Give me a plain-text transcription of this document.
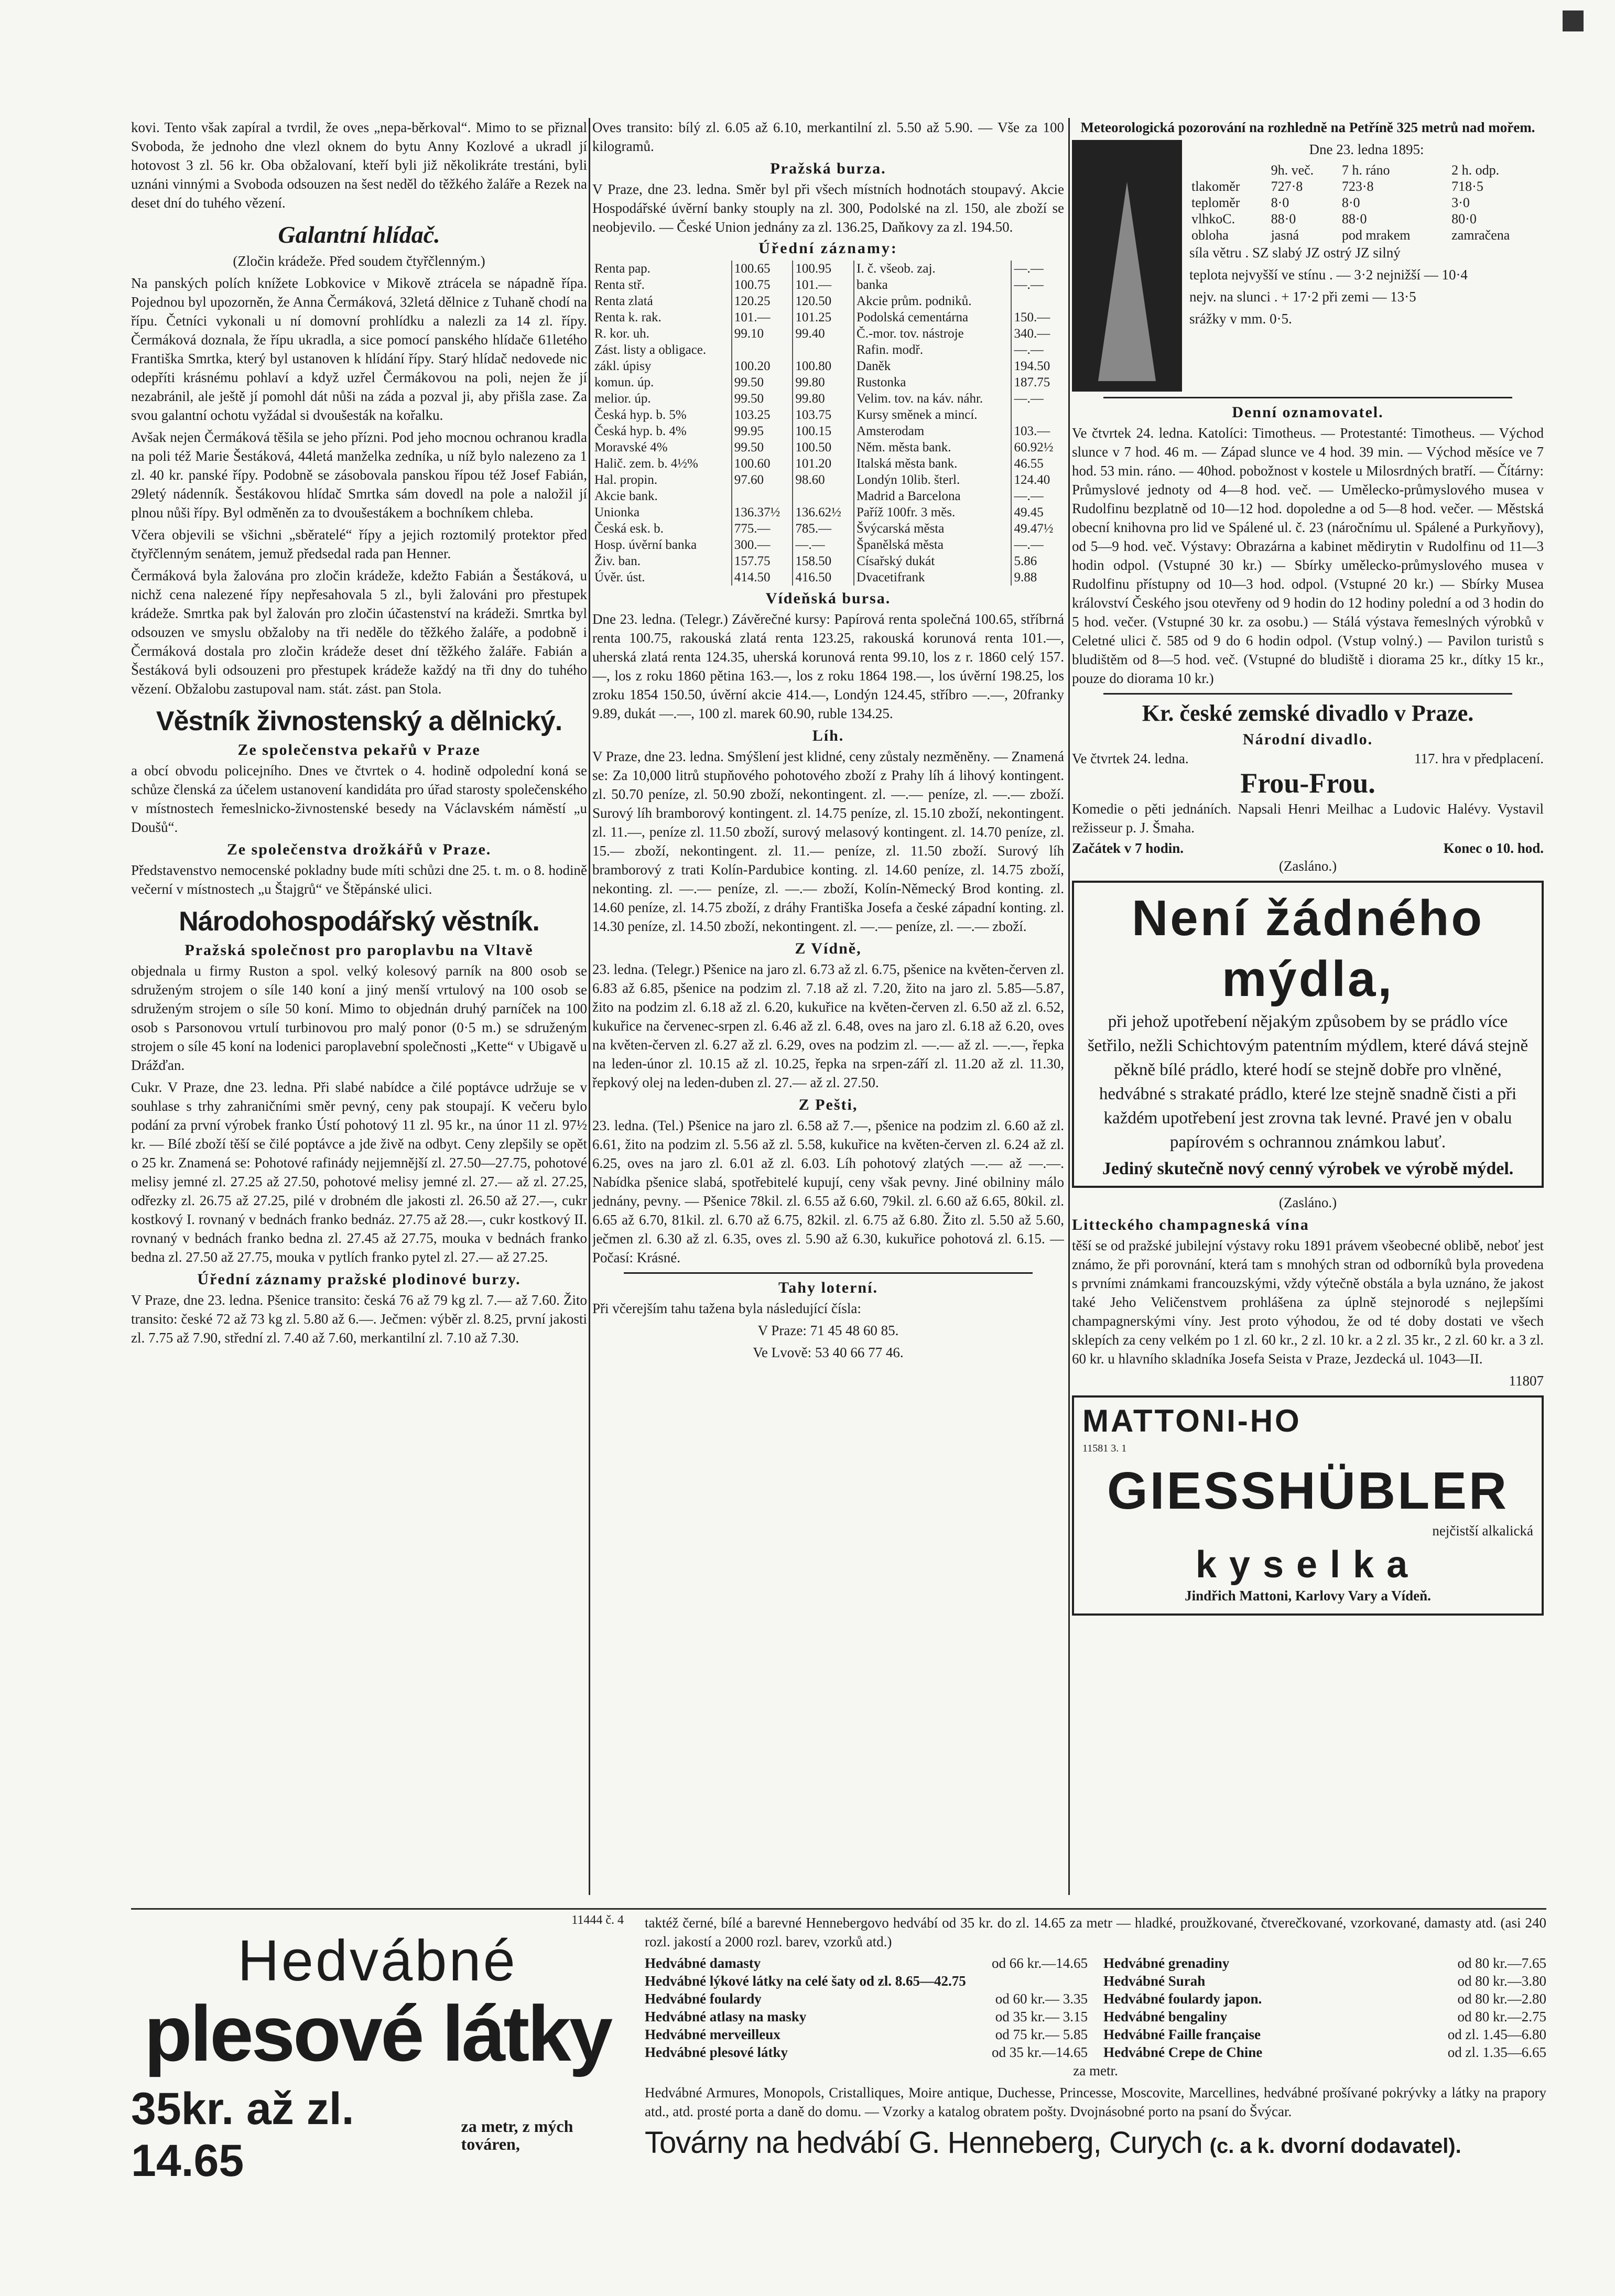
kovi. Tento však zapíral a tvrdil, že oves „nepa-běrkoval“. Mimo to se přiznal Svoboda, že jednoho dne vlezl oknem do bytu Anny Kozlové a ukradl jí hotovost 3 zl. 56 kr. Oba obžalovaní, kteří byli již několikráte trestáni, byli uznáni vinnými a Svoboda odsouzen na šest neděl do těžkého žaláře a Rezek na deset dní do tuhého vězení.

Galantní hlídač.

(Zločin krádeže. Před soudem čtyřčlenným.)

Na panských polích knížete Lobkovice v Mikově ztrácela se nápadně řípa. Pojednou byl upozorněn, že Anna Čermáková, 32letá dělnice z Tuhaně chodí na řípu. Četníci vykonali u ní domovní prohlídku a nalezli za 14 zl. řípy. Čermáková doznala, že řípu ukradla, a sice pomocí panského hlídače 61letého Františka Smrtka, který byl ustanoven k hlídání řípy. Starý hlídač nedovede nic odepříti krásnému pohlaví a když uzřel Čermákovou na poli, nejen že jí nezabránil, ale ještě jí pomohl dát nůši na záda a pozval ji, aby přišla zase. Za svou galantní ochotu vyžádal si dvoušesták na kořalku.

Avšak nejen Čermáková těšila se jeho přízni. Pod jeho mocnou ochranou kradla na poli též Marie Šestáková, 44letá manželka zedníka, u níž bylo nalezeno za 1 zl. 40 kr. panské řípy. Podobně se zásobovala panskou řípou též Josef Fabián, 29letý nádenník. Šestákovou hlídač Smrtka sám dovedl na pole a naložil jí plnou nůši řípy. Byl odměněn za to dvoušestákem a bochníkem chleba.

Včera objevili se všichni „sběratelé“ řípy a jejich roztomilý protektor před čtyřčlenným senátem, jemuž předsedal rada pan Henner.

Čermáková byla žalována pro zločin krádeže, kdežto Fabián a Šestáková, u nichž cena nalezené řípy nepřesahovala 5 zl., byli žalováni pro přestupek krádeže. Smrtka pak byl žalován pro zločin účastenství na krádeži. Smrtka byl odsouzen ve smyslu obžaloby na tři neděle do těžkého žaláře, a podobně i Čermáková dostala pro zločin krádeže deset dní těžkého žaláře. Fabián a Šestáková byli odsouzeni pro přestupek krádeže každý na tři dny do tuhého vězení. Obžalobu zastupoval nam. stát. zást. pan Stola.

Věstník živnostenský a dělnický.
Ze společenstva pekařů v Praze

a obcí obvodu policejního. Dnes ve čtvrtek o 4. hodině odpolední koná se schůze členská za účelem ustanovení kandidáta pro úřad starosty společenského v místnostech řemeslnicko-živnostenské besedy na Václavském náměstí „u Doušů“.

Ze společenstva drožkářů v Praze.

Představenstvo nemocenské pokladny bude míti schůzi dne 25. t. m. o 8. hodině večerní v místnostech „u Štajgrů“ ve Štěpánské ulici.

Národohospodářský věstník.
Pražská společnost pro paroplavbu na Vltavě

objednala u firmy Ruston a spol. velký kolesový parník na 800 osob se sdruženým strojem o síle 140 koní a jiný menší vrtulový na 100 osob se sdruženým strojem o síle 50 koní. Mimo to objednán druhý parníček na 100 osob s Parsonovou vrtulí turbinovou pro malý ponor (0·5 m.) se sdruženým strojem o síle 45 koní na lodenici paroplavební společnosti „Kette“ v Ubigavě u Drážďan.

Cukr. V Praze, dne 23. ledna. Při slabé nabídce a čilé poptávce udržuje se v souhlase s trhy zahraničními směr pevný, ceny pak stoupají. K večeru bylo podání za první výrobek franko Ústí pohotový 11 zl. 95 kr., na únor 11 zl. 97½ kr. — Bílé zboží těší se čilé poptávce a jde živě na odbyt. Ceny zlepšily se opět o 25 kr. Znamená se: Pohotové rafinády nejjemnější zl. 27.50—27.75, pohotové melisy jemné zl. 27.25 až 27.50, pohotové melisy jemné zl. 27.— až zl. 27.25, odřezky zl. 26.75 až 27.25, pilé v drobném dle jakosti zl. 26.50 až 27.—, cukr kostkový I. rovnaný v bednách franko bednáz. 27.75 až 28.—, cukr kostkový II. rovnaný v bednách franko bedna zl. 27.45 až 27.75, mouka v bednách franko bedna zl. 27.50 až 27.75, mouka v pytlích franko pytel zl. 27.— až 27.25.

Úřední záznamy pražské plodinové burzy.

V Praze, dne 23. ledna. Pšenice transito: česká 76 až 79 kg zl. 7.— až 7.60. Žito transito: české 72 až 73 kg zl. 5.80 až 6.—. Ječmen: výběr zl. 8.25, první jakosti zl. 7.75 až 7.90, střední zl. 7.40 až 7.60, merkantilní zl. 7.10 až 7.30.

Oves transito: bílý zl. 6.05 až 6.10, merkantilní zl. 5.50 až 5.90. — Vše za 100 kilogramů.

Pražská burza.

V Praze, dne 23. ledna. Směr byl při všech místních hodnotách stoupavý. Akcie Hospodářské úvěrní banky stouply na zl. 300, Podolské na zl. 150, ale zboží se neobjevilo. — České Union jednány za zl. 136.25, Daňkovy za zl. 194.50.

Úřední záznamy:
Renta pap.	100.65	100.95	I. č. všeob. zaj.	—.—
Renta stř.	100.75	101.—	banka	—.—
Renta zlatá	120.25	120.50	Akcie prům. podniků.	
Renta k. rak.	101.—	101.25	Podolská cementárna	150.—
R. kor. uh.	99.10	99.40	Č.-mor. tov. nástroje	340.—
Zást. listy a obligace.			Rafin. modř.	—.—
zákl. úpisy	100.20	100.80	Daněk	194.50
komun. úp.	99.50	99.80	Rustonka	187.75
melior. úp.	99.50	99.80	Velim. tov. na káv. náhr.	—.—
Česká hyp. b. 5%	103.25	103.75	Kursy směnek a mincí.	
Česká hyp. b. 4%	99.95	100.15	Amsterodam	103.—
Moravské 4%	99.50	100.50	Něm. města bank.	60.92½
Halič. zem. b. 4½%	100.60	101.20	Italská města bank.	46.55
Hal. propin.	97.60	98.60	Londýn 10lib. šterl.	124.40
Akcie bank.			Madrid a Barcelona	—.—
Unionka	136.37½	136.62½	Paříž 100fr. 3 měs.	49.45
Česká esk. b.	775.—	785.—	Švýcarská města	49.47½
Hosp. úvěrní banka	300.—	—.—	Španělská města	—.—
Živ. ban.	157.75	158.50	Císařský dukát	5.86
Úvěr. úst.	414.50	416.50	Dvacetifrank	9.88
Vídeňská bursa.

Dne 23. ledna. (Telegr.) Závěrečné kursy: Papírová renta společná 100.65, stříbrná renta 100.75, rakouská zlatá renta 123.25, rakouská korunová renta 101.—, uherská zlatá renta 124.35, uherská korunová renta 99.10, los z r. 1860 celý 157.—, los z roku 1860 pětina 163.—, los z roku 1864 198.—, los úvěrní 198.25, los zroku 1854 150.50, úvěrní akcie 414.—, Londýn 124.45, stříbro —.—, 20franky 9.89, dukát —.—, 100 zl. marek 60.90, ruble 134.25.

Líh.

V Praze, dne 23. ledna. Smýšlení jest klidné, ceny zůstaly nezměněny. — Znamená se: Za 10,000 litrů stupňového pohotového zboží z Prahy líh á lihový kontingent. zl. 50.70 peníze, zl. 50.90 zboží, nekontingent. zl. —.— peníze, zl. —.— zboží. Surový líh bramborový kontingent. zl. 14.75 peníze, zl. 15.10 zboží, nekontingent. zl. 11.—, peníze zl. 11.50 zboží, surový melasový kontingent. zl. 14.70 peníze, zl. 15.— zboží, nekontingent. zl. 11.— peníze, zl. 11.50 zboží. Surový líh bramborový z trati Kolín-Pardubice konting. zl. 14.60 peníze, zl. 14.75 zboží, nekonting. zl. —.— peníze, zl. —.— zboží, Kolín-Německý Brod konting. zl. 14.60 peníze, zl. 14.75 zboží, z dráhy Františka Josefa a české západní konting. zl. 14.30 peníze, zl. 14.50 zboží, nekontingent. zl. —.— peníze, zl. —.— zboží.

Z Vídně,

23. ledna. (Telegr.) Pšenice na jaro zl. 6.73 až zl. 6.75, pšenice na květen-červen zl. 6.83 až 6.85, pšenice na podzim zl. 7.18 až zl. 7.20, žito na jaro zl. 5.85—5.87, žito na podzim zl. 6.18 až zl. 6.20, kukuřice na květen-červen zl. 6.50 až zl. 6.52, kukuřice na červenec-srpen zl. 6.46 až zl. 6.48, oves na jaro zl. 6.18 až 6.20, oves na květen-červen zl. 6.27 až zl. 6.29, oves na podzim zl. —.— až zl. —.—, řepka na leden-únor zl. 10.15 až zl. 10.25, řepka na srpen-září zl. 11.20 až zl. 11.30, řepkový olej na leden-duben zl. 27.— až zl. 27.50.

Z Pešti,

23. ledna. (Tel.) Pšenice na jaro zl. 6.58 až 7.—, pšenice na podzim zl. 6.60 až zl. 6.61, žito na podzim zl. 5.56 až zl. 5.58, kukuřice na květen-červen zl. 6.24 až zl. 6.25, oves na jaro zl. 6.01 až zl. 6.03. Líh pohotový zlatých —.— až —.—. Nabídka pšenice slabá, spotřebitelé kupují, ceny však pevny. Jiné obilniny málo jednány, pevny. — Pšenice 78kil. zl. 6.55 až 6.60, 79kil. zl. 6.60 až 6.65, 80kil. zl. 6.65 až 6.70, 81kil. zl. 6.70 až 6.75, 82kil. zl. 6.75 až 6.80. Žito zl. 5.50 až 5.60, ječmen zl. 6.30 až zl. 6.35, oves zl. 5.90 až 6.30, kukuřice pohotová zl. 6.15. — Počasí: Krásné.

Tahy loterní.

Při včerejším tahu tažena byla následující čísla:

V Praze: 71 45 48 60 85.

Ve Lvově: 53 40 66 77 46.

Meteorologická pozorování na rozhledně na Petříně 325 metrů nad mořem.

Dne 23. ledna 1895:

	9h. več.	7 h. ráno	2 h. odp.
tlakoměr	727·8	723·8	718·5
teploměr	8·0	8·0	3·0
vlhkoC.	88·0	88·0	80·0
obloha	jasná	pod mrakem	zamračena

síla větru . SZ slabý JZ ostrý JZ silný

teplota nejvyšší ve stínu . — 3·2 nejnižší — 10·4

nejv. na slunci . + 17·2 při zemi — 13·5

srážky v mm. 0·5.

Denní oznamovatel.

Ve čtvrtek 24. ledna. Katolíci: Timotheus. — Protestanté: Timotheus. — Východ slunce v 7 hod. 46 m. — Západ slunce ve 4 hod. 39 min. — Východ měsíce ve 7 hod. 53 min. ráno. — 40hod. pobožnost v kostele u Milosrdných bratří. — Čítárny: Průmyslové jednoty od 4—8 hod. več. — Umělecko-průmyslového musea v Rudolfinu bezplatně od 10—12 hod. dopoledne a od 5—8 hod. večer. — Městská obecní knihovna pro lid ve Spálené ul. č. 23 (náročnímu ul. Spálené a Purkyňovy), od 5—9 hod. več. Výstavy: Obrazárna a kabinet mědirytin v Rudolfinu od 11—3 hodin odpol. (Vstupné 30 kr.) — Sbírky umělecko-průmyslového musea v Rudolfinu přístupny od 10—3 hod. odpol. (Vstupné 20 kr.) — Sbírky Musea království Českého jsou otevřeny od 9 hodin do 12 hodiny polední a od 3 hodin do 5 hod. večer. (Vstupné 30 kr. za osobu.) — Stálá výstava řemeslných výrobků v Celetné ulici č. 585 od 9 do 6 hodin odpol. (Vstup volný.) — Pavilon turistů s bludištěm od 8—5 hod. več. (Vstupné do bludiště i diorama 25 kr., dítky 15 kr., pouze do diorama 10 kr.)

Kr. české zemské divadlo v Praze.
Národní divadlo.
Ve čtvrtek 24. ledna.	117. hra v předplacení.
Frou-Frou.

Komedie o pěti jednáních. Napsali Henri Meilhac a Ludovic Halévy. Vystavil režisseur p. J. Šmaha.

Začátek v 7 hodin.	Konec o 10. hod.

(Zasláno.)

Není žádného mýdla,

při jehož upotřebení nějakým způsobem by se prádlo více šetřilo, nežli Schichtovým patentním mýdlem, které dává stejně pěkně bílé prádlo, které hodí se stejně dobře pro vlněné, hedvábné s strakaté prádlo, které lze stejně snadně čisti a při každém upotřebení jest zrovna tak levné. Pravé jen v obalu papírovém s ochrannou známkou labuť.

Jediný skutečně nový cenný výrobek ve výrobě mýdel.

(Zasláno.)

Litteckého champagneská vína

těší se od pražské jubilejní výstavy roku 1891 právem všeobecné oblibě, neboť jest známo, že při porovnání, která tam s mnohých stran od odborníků byla provedena s prvními známkami francouzskými, vždy výtečně obstála a byla uznáno, že jakost také Jeho Veličenstvem prohlášena za úplně stejnorodé s nejlepšími champagnerskými víny. Jest proto výhodou, že od té doby dostati ve všech sklepích za ceny velkém po 1 zl. 60 kr., 2 zl. 10 kr. a 2 zl. 35 kr., 2 zl. 60 kr. a 3 zl. 60 kr. u hlavního skladníka Josefa Seista v Praze, Jezdecká ul. 1043—II.

11807

MATTONI-HO

11581 3. 1

GIESSHÜBLER

nejčistší alkalická

kyselka

Jindřich Mattoni, Karlovy Vary a Vídeň.

11444 č. 4
Hedvábné
plesové látky
35kr. až zl. 14.65
za metr, z mých továren,

taktéž černé, bílé a barevné Hennebergovo hedvábí od 35 kr. do zl. 14.65 za metr — hladké, proužkované, čtverečkované, vzorkované, damasty atd. (asi 240 rozl. jakostí a 2000 rozl. barev, vzorků atd.)

Hedvábné damasty	od 66 kr.—14.65
Hedvábné lýkové látky na celé šaty od zl. 8.65—42.75
Hedvábné foulardy	od 60 kr.— 3.35
Hedvábné atlasy na masky	od 35 kr.— 3.15
Hedvábné merveilleux	od 75 kr.— 5.85
Hedvábné plesové látky	od 35 kr.—14.65
Hedvábné grenadiny	od 80 kr.—7.65
Hedvábné Surah	od 80 kr.—3.80
Hedvábné foulardy japon.	od 80 kr.—2.80
Hedvábné bengaliny	od 80 kr.—2.75
Hedvábné Faille française	od zl. 1.45—6.80
Hedvábné Crepe de Chine	od zl. 1.35—6.65

za metr.

Hedvábné Armures, Monopols, Cristalliques, Moire antique, Duchesse, Princesse, Moscovite, Marcellines, hedvábné prošívané pokrývky a látky na prapory atd., atd. prosté porta a daně do domu. — Vzorky a katalog obratem pošty. Dvojnásobné porto na psaní do Švýcar.

Továrny na hedvábí G. Henneberg, Curych (c. a k. dvorní dodavatel).
